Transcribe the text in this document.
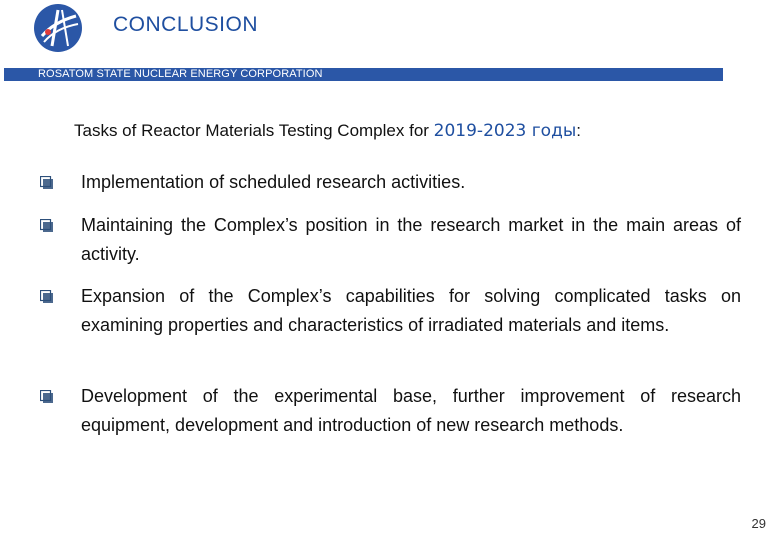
CONCLUSION
ROSATOM STATE NUCLEAR ENERGY CORPORATION
Tasks of Reactor Materials Testing Complex for 2019-2023 годы:
Implementation of scheduled research activities.
Maintaining the Complex’s position in the research market in the main areas of activity.
Expansion of the Complex’s capabilities for solving complicated tasks on examining properties and characteristics of irradiated materials and items.
Development of the experimental base, further improvement of research equipment, development and introduction of new research methods.
29
